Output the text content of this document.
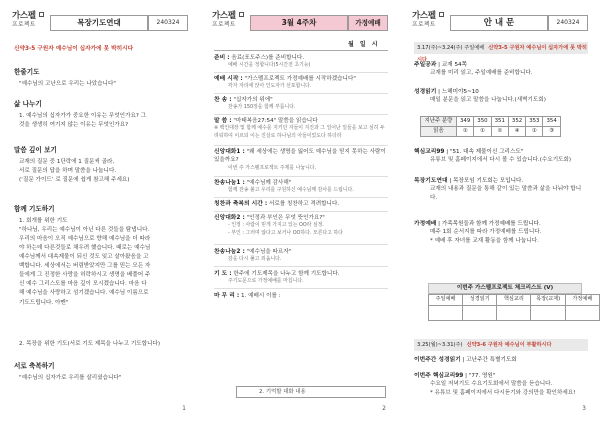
가스펠
프로젝트	목장기도연대	240324
신약3-5 구원자 예수님이 십자가에 못 박히시다
한줄기도

"예수님의 고난으로 우리는 나았습니다"

삶 나누기

1. 예수님의 십자가가 중요한 이유는 무엇인가요? 그

것을 생생히 여기지 않는 이유는 무엇인가요?

말씀 깊이 보기

교재의 질문 중 1단락에 1 질문씩 골라,

서로 질문의 답을 하며 말씀을 나눕니다.

(‘질문 가이드’ 로 질문에 쉽게 참고해 주세요)

함께 기도하기

1. 회개를 위한 기도

"하나님, 우리는 예수님이 아닌 다른 것들을 탐냅니다.

우리의 마음이 오직 예수님으로 향해 예수님을 더 따라

야 하는데 다른것들로 채우려 했습니다. 때로는 예수님

예수님께서 대속제물이 되신 것도 잊고 살아왔음을 고

백합니다. 세상에서는 버림받았지만 그를 믿는 모든 자

들에게 그 진정한 사랑을 허락하시고 생명을 베풀어 주

신 예수 그리스도를 마음 깊이 모시겠습니다. 마음 다

해 예수님을 사랑하고 섬기겠습니다. 예수님 이름으로

기도드립니다. 아멘"

2. 목장을 위한 기도(서로 기도 제목을 나누고 기도합니다)

서로 축복하기

"예수님의 십자가로 우리를 살리셨습니다"

1
가스펠
프로젝트	3월 4주차	가정예배
월 일 시
준비 : 음료(포도주스)를 준비합니다.
예배 시간을 정합니다(5시간전 초기능)
예배 시작 : "가스펠프로젝트 가정예배를 시작하겠습니다"
각자 자리에 앉아 인도자가 선포합니다.
찬 송 : "십자가의 위에"
찬송가 150장을 함께 부릅니다.
말 씀 : "마태복음27:54" 말씀을 읽습니다
※ 백인대장 및 함께 예수를 지키던 자들이 지진과 그 일어난 일들을 보고 심히 두려워하여 이르되 이는 진실로 하나님의 아들이었도다 하더라
신앙대화1 : "왜 세상에는 생명을 잃어도 예수님을 믿지 못하는 사람이 있을까요?
이번 주 가스펠프로젝트 주제를 나눕니다.
찬송나눔1 : "예수님께 감사해"
함께 찬송 불고 우리를 구원하신 예수님께 감사를 드립니다.
칭찬과 축복의 시간 : 서로를 칭찬하고 격려합니다.
신앙대화2 : "인정과 부인은 무엇 뜻인가요?"
- 인정 : 사람이 믿게 가지고 있는 OO라 심정.
- 부인 : 그러며 않다고 보거나 OO하다. 모른다고 하다
찬송나눔2 : "예수님을 따르자"
감을 다시 풀고 외웁니다.
기 도 : 한주에 기도제목을 나누고 함께 기도합니다.
주기도문으로 가정예배를 마칩니다.
마 무 리 : 1. 예배시 이를 :
2. 기억할 대화 내용
2
가스펠
프로젝트	안 내 문	240324
3.17(주)~3.24(주) 주일예배 신약3-5 구원자 예수님이 십자가에 못 박히시다
주일공과 | 교재 54쪽
교재를 미리 읽고, 주일예배를 준비합니다.
성경읽기 | 느헤미야5~10
매일 분문을 읽고 말씀을 나눕니다.(새벽기도회)
지난주 분량	349	350	351	352	353	354
읽음	①	①	①	④	①	③
핵심교리99 | "51. 대속 제물이신 그리스도"
유튜브 및 홈페이지에서 다시 볼 수 있습니다.(수요기도회)
목장기도연대 | 목장모임 기도회는 모입니다.
교재의 내용과 질문을 통해 같이 있는 말씀과 삶을 나눠야 합니다.
가정예배 | 가족목원들과 함께 가정예배를 드립니다.
매주 1회 순서지를 따라 가정예배를 드립니다.
* 예배 후 자녀를 교재 활동을 함께 나눕니다.
이번주 가스펠프로젝트 체크리스트 (V)
주일예배	성경읽기	핵심교리	목장(교재)	가정예배

3.25(월)~3.31(주) 신약3-6 구원자 예수님이 부활하시다
이번주간 성경읽기 | 고난주간 특별기도회
이번주 핵심교리99 | "77. 영원"
수요일 저녁기도 수요기도회에서 말씀을 듣습니다.
* 유튜브 및 홈페이지에서 다시듣기와 강의만을 확인하세요!
3
